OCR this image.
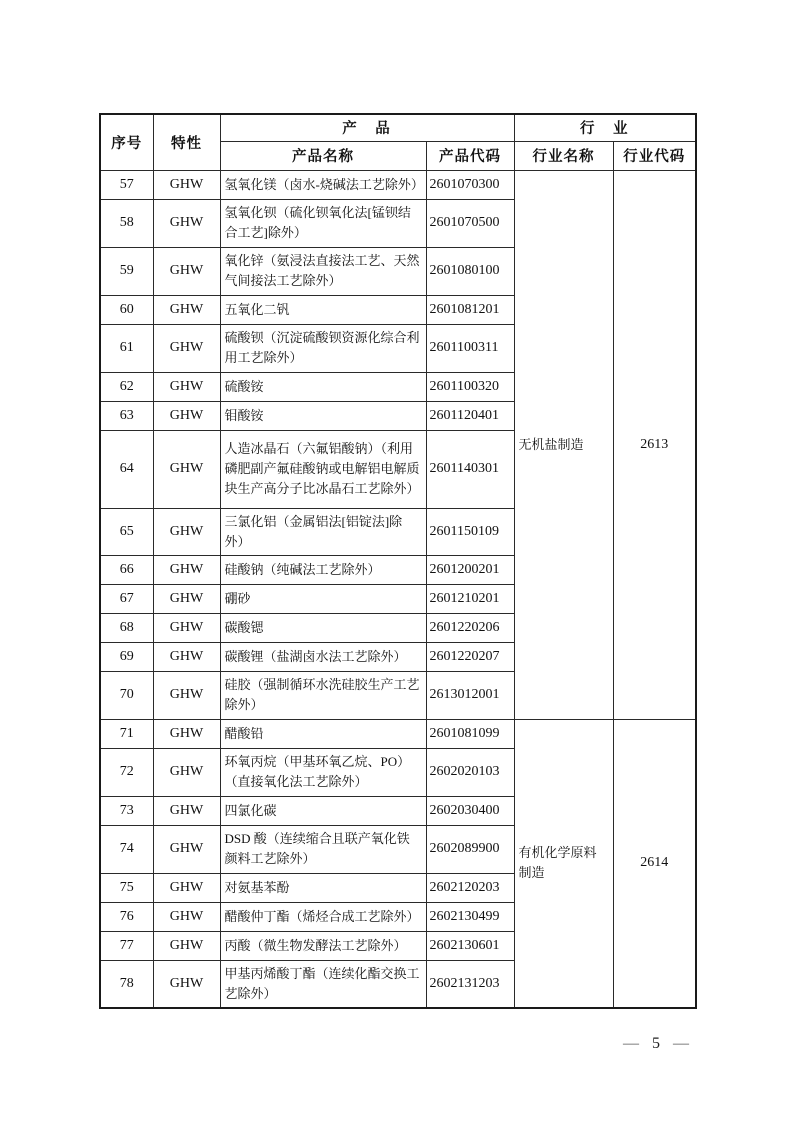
序号	特性	产　品		行　业	
		产品名称	产品代码	行业名称	行业代码
57	GHW	氢氧化镁（卤水-烧碱法工艺除外）	2601070300	无机盐制造	2613
58	GHW	氢氧化钡（硫化钡氧化法[锰钡结合工艺]除外）	2601070500		
59	GHW	氧化锌（氨浸法直接法工艺、天然气间接法工艺除外）	2601080100		
60	GHW	五氧化二钒	2601081201		
61	GHW	硫酸钡（沉淀硫酸钡资源化综合利用工艺除外）	2601100311		
62	GHW	硫酸铵	2601100320		
63	GHW	钼酸铵	2601120401		
64	GHW	人造冰晶石（六氟铝酸钠）（利用磷肥副产氟硅酸钠或电解铝电解质块生产高分子比冰晶石工艺除外）	2601140301		
65	GHW	三氯化铝（金属铝法[铝锭法]除外）	2601150109		
66	GHW	硅酸钠（纯碱法工艺除外）	2601200201		
67	GHW	硼砂	2601210201		
68	GHW	碳酸锶	2601220206		
69	GHW	碳酸锂（盐湖卤水法工艺除外）	2601220207		
70	GHW	硅胶（强制循环水洗硅胶生产工艺除外）	2613012001		
71	GHW	醋酸铅	2601081099	有机化学原料制造	2614
72	GHW	环氧丙烷（甲基环氧乙烷、PO）（直接氧化法工艺除外）	2602020103		
73	GHW	四氯化碳	2602030400		
74	GHW	DSD 酸（连续缩合且联产氧化铁颜料工艺除外）	2602089900		
75	GHW	对氨基苯酚	2602120203		
76	GHW	醋酸仲丁酯（烯烃合成工艺除外）	2602130499		
77	GHW	丙酸（微生物发酵法工艺除外）	2602130601		
78	GHW	甲基丙烯酸丁酯（连续化酯交换工艺除外）	2602131203		
— 5 —
